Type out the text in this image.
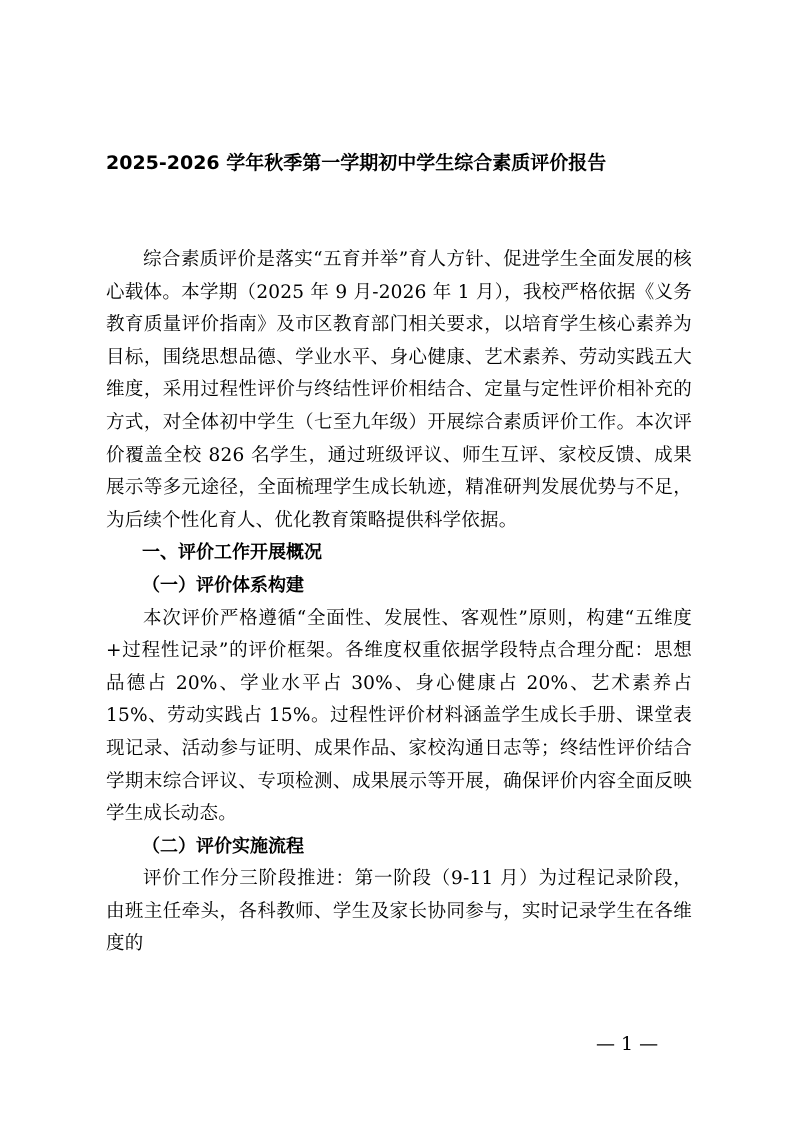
2025-2026 学年秋季第一学期初中学生综合素质评价报告

综合素质评价是落实“五育并举”育人方针、促进学生全面发展的核心载体。本学期（2025 年 9 月-2026 年 1 月），我校严格依据《义务教育质量评价指南》及市区教育部门相关要求，以培育学生核心素养为目标，围绕思想品德、学业水平、身心健康、艺术素养、劳动实践五大维度，采用过程性评价与终结性评价相结合、定量与定性评价相补充的方式，对全体初中学生（七至九年级）开展综合素质评价工作。本次评价覆盖全校 826 名学生，通过班级评议、师生互评、家校反馈、成果展示等多元途径，全面梳理学生成长轨迹，精准研判发展优势与不足，为后续个性化育人、优化教育策略提供科学依据。

一、评价工作开展概况

（一）评价体系构建

本次评价严格遵循“全面性、发展性、客观性”原则，构建“五维度+过程性记录”的评价框架。各维度权重依据学段特点合理分配：思想品德占 20%、学业水平占 30%、身心健康占 20%、艺术素养占 15%、劳动实践占 15%。过程性评价材料涵盖学生成长手册、课堂表现记录、活动参与证明、成果作品、家校沟通日志等；终结性评价结合学期末综合评议、专项检测、成果展示等开展，确保评价内容全面反映学生成长动态。

（二）评价实施流程

评价工作分三阶段推进：第一阶段（9-11 月）为过程记录阶段，由班主任牵头，各科教师、学生及家长协同参与，实时记录学生在各维度的

— 1 —
